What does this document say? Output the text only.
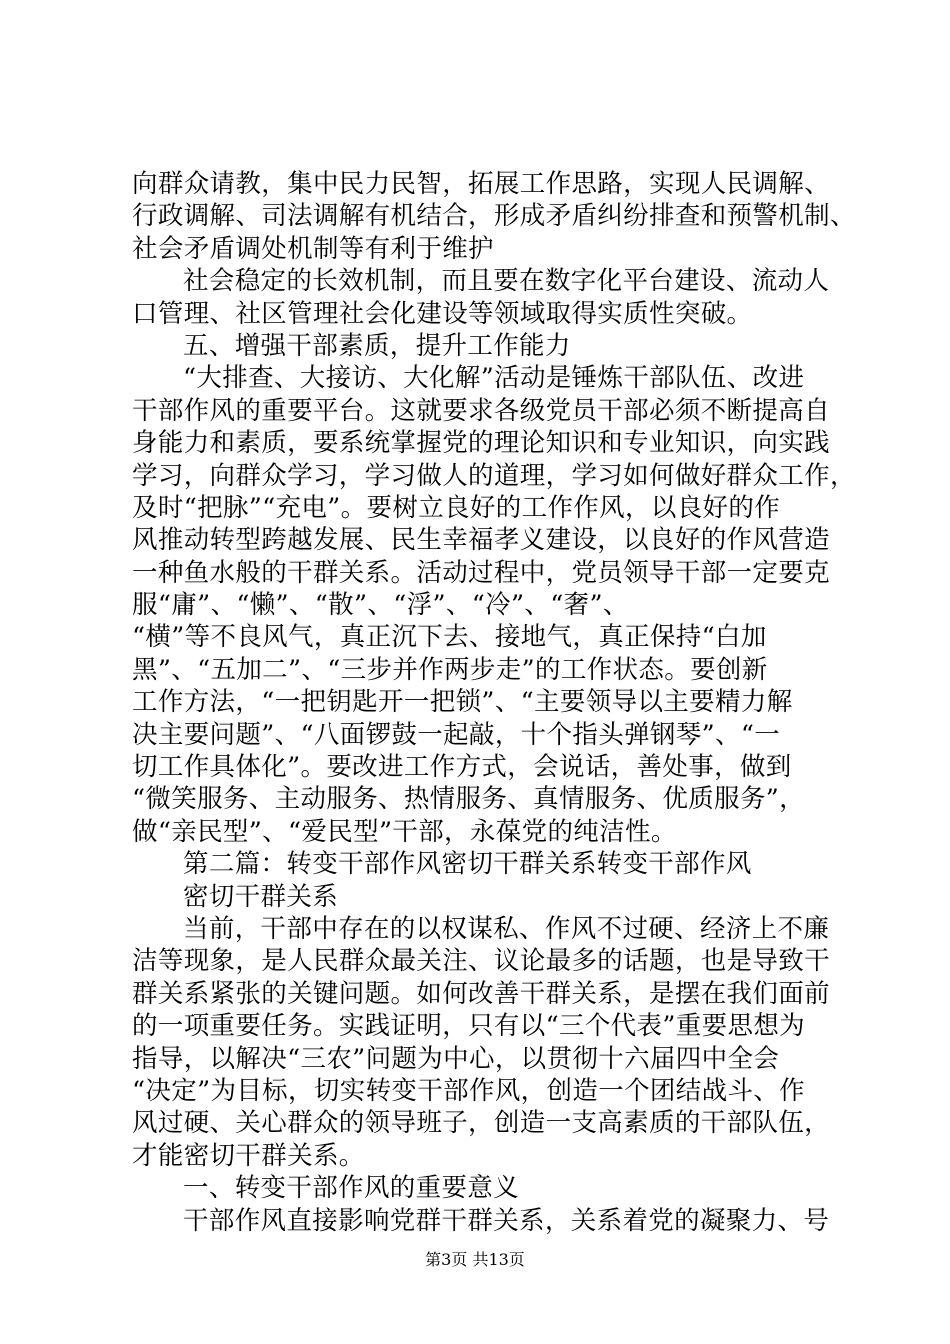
向群众请教，集中民力民智，拓展工作思路，实现人民调解、
行政调解、司法调解有机结合，形成矛盾纠纷排查和预警机制、
社会矛盾调处机制等有利于维护
社会稳定的长效机制，而且要在数字化平台建设、流动人
口管理、社区管理社会化建设等领域取得实质性突破。
五、增强干部素质，提升工作能力
“大排查、大接访、大化解”活动是锤炼干部队伍、改进
干部作风的重要平台。这就要求各级党员干部必须不断提高自
身能力和素质，要系统掌握党的理论知识和专业知识，向实践
学习，向群众学习，学习做人的道理，学习如何做好群众工作，
及时“把脉”“充电”。要树立良好的工作作风，以良好的作
风推动转型跨越发展、民生幸福孝义建设，以良好的作风营造
一种鱼水般的干群关系。活动过程中，党员领导干部一定要克
服“庸”、“懒”、“散”、“浮”、“冷”、“奢”、
“横”等不良风气，真正沉下去、接地气，真正保持“白加
黑”、“五加二”、“三步并作两步走”的工作状态。要创新
工作方法，“一把钥匙开一把锁”、“主要领导以主要精力解
决主要问题”、“八面锣鼓一起敲，十个指头弹钢琴”、“一
切工作具体化”。要改进工作方式，会说话，善处事，做到
“微笑服务、主动服务、热情服务、真情服务、优质服务”，
做“亲民型”、“爱民型”干部，永葆党的纯洁性。
第二篇：转变干部作风密切干群关系转变干部作风
密切干群关系
当前，干部中存在的以权谋私、作风不过硬、经济上不廉
洁等现象，是人民群众最关注、议论最多的话题，也是导致干
群关系紧张的关键问题。如何改善干群关系，是摆在我们面前
的一项重要任务。实践证明，只有以“三个代表”重要思想为
指导，以解决“三农”问题为中心，以贯彻十六届四中全会
“决定”为目标，切实转变干部作风，创造一个团结战斗、作
风过硬、关心群众的领导班子，创造一支高素质的干部队伍，
才能密切干群关系。
一、转变干部作风的重要意义
干部作风直接影响党群干群关系，关系着党的凝聚力、号
第3页 共13页
